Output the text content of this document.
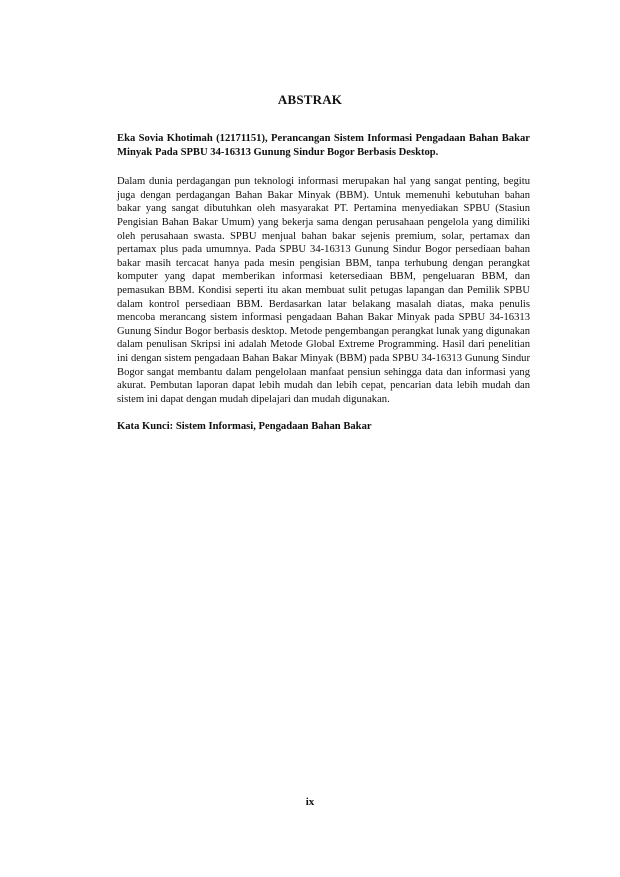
ABSTRAK

Eka Sovia Khotimah (12171151), Perancangan Sistem Informasi Pengadaan Bahan Bakar Minyak Pada SPBU 34-16313 Gunung Sindur Bogor Berbasis Desktop.

Dalam dunia perdagangan pun teknologi informasi merupakan hal yang sangat penting, begitu juga dengan perdagangan Bahan Bakar Minyak (BBM). Untuk memenuhi kebutuhan bahan bakar yang sangat dibutuhkan oleh masyarakat PT. Pertamina menyediakan SPBU (Stasiun Pengisian Bahan Bakar Umum) yang bekerja sama dengan perusahaan pengelola yang dimiliki oleh perusahaan swasta. SPBU menjual bahan bakar sejenis premium, solar, pertamax dan pertamax plus pada umumnya. Pada SPBU 34-16313 Gunung Sindur Bogor persediaan bahan bakar masih tercacat hanya pada mesin pengisian BBM, tanpa terhubung dengan perangkat komputer yang dapat memberikan informasi ketersediaan BBM, pengeluaran BBM, dan pemasukan BBM. Kondisi seperti itu akan membuat sulit petugas lapangan dan Pemilik SPBU dalam kontrol persediaan BBM. Berdasarkan latar belakang masalah diatas, maka penulis mencoba merancang sistem informasi pengadaan Bahan Bakar Minyak pada SPBU 34-16313 Gunung Sindur Bogor berbasis desktop. Metode pengembangan perangkat lunak yang digunakan dalam penulisan Skripsi ini adalah Metode Global Extreme Programming. Hasil dari penelitian ini dengan sistem pengadaan Bahan Bakar Minyak (BBM) pada SPBU 34-16313 Gunung Sindur Bogor sangat membantu dalam pengelolaan manfaat pensiun sehingga data dan informasi yang akurat. Pembutan laporan dapat lebih mudah dan lebih cepat, pencarian data lebih mudah dan sistem ini dapat dengan mudah dipelajari dan mudah digunakan.

Kata Kunci: Sistem Informasi, Pengadaan Bahan Bakar

ix
